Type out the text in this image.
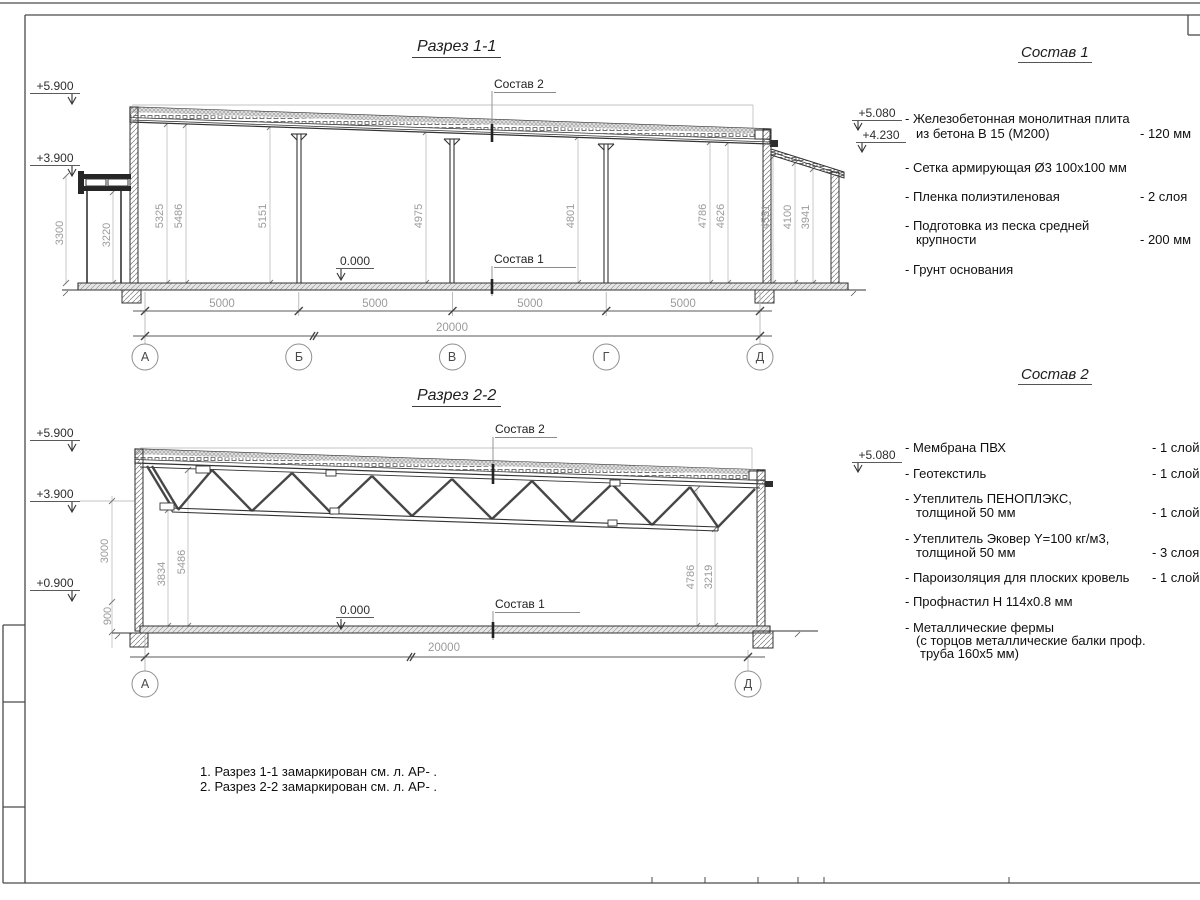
Разрез 1-1
Состав 2
Состав 1
+5.900
+3.900
+5.080
+4.230
0.000
3300	3220
5325 5486	5151	4975	4801	4786 4626	4551 4100 3941
5000	5000	5000	5000
20000
А	Б	В	Г	Д
Разрез 2-2
Состав 2
Состав 1
+5.900
+3.900
+0.900
+5.080
0.000
3000
900
3834 5486
4786 3219
20000
А	Д
Состав 1
- Железобетонная монолитная плита
из бетона В 15 (М200)	- 120 мм
- Сетка армирующая Ø3 100х100 мм
- Пленка полиэтиленовая	- 2 слоя
- Подготовка из песка средней
крупности	- 200 мм
- Грунт основания
Состав 2
- Мембрана ПВХ	- 1 слой
- Геотекстиль	- 1 слой
- Утеплитель ПЕНОПЛЭКС,
толщиной 50 мм	- 1 слой
- Утеплитель Эковер Y=100 кг/м3,
толщиной 50 мм	- 3 слоя
- Пароизоляция для плоских кровель - 1 слой
- Профнастил Н 114х0.8 мм
- Металлические фермы
(с торцов металлические балки проф.
труба 160х5 мм)
1. Разрез 1-1 замаркирован см. л. АР- .
2. Разрез 2-2 замаркирован см. л. АР- .
